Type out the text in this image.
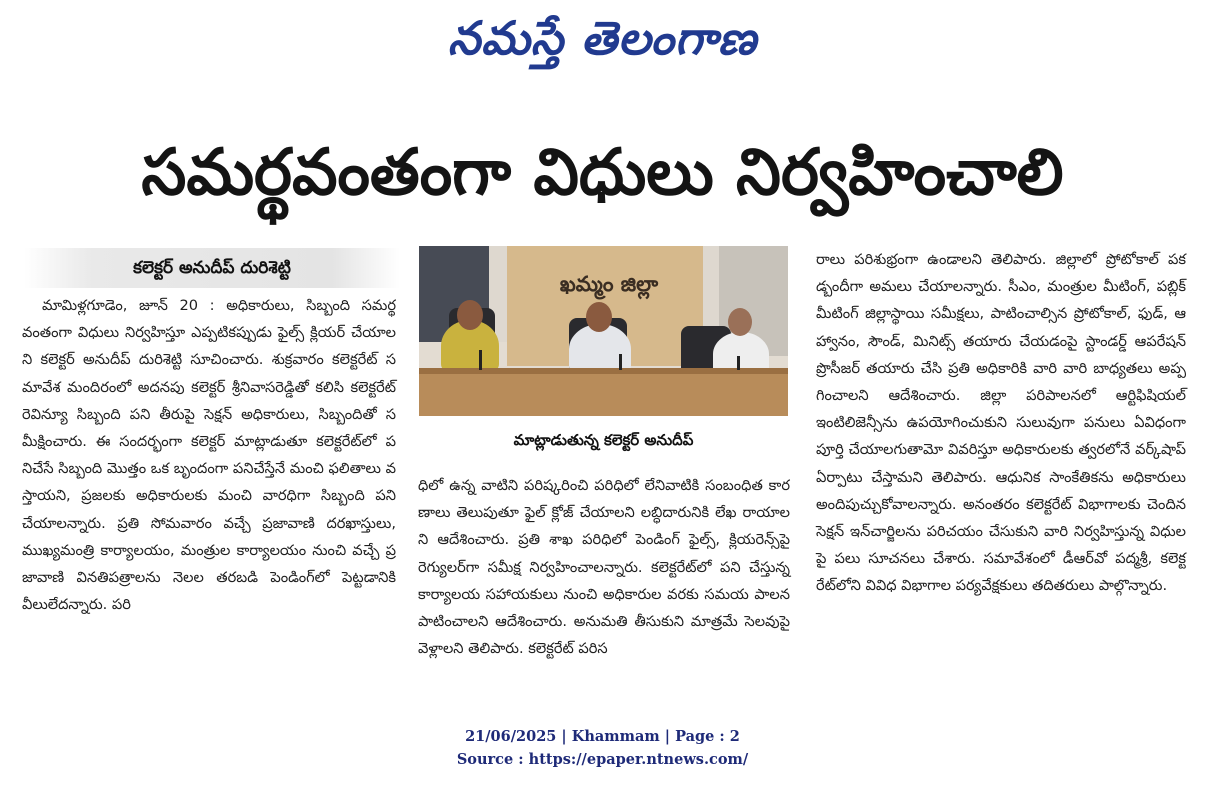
నమస్తే తెలంగాణ
సమర్థవంతంగా విధులు నిర్వహించాలి
కలెక్టర్ అనుదీప్ దురిశెట్టి
మామిళ్లగూడెం, జూన్ 20 : అధికారులు, సిబ్బంది సమర్థవంతంగా విధులు నిర్వహిస్తూ ఎప్పటికప్పుడు ఫైల్స్ క్లియర్ చేయాలని కలెక్టర్ అనుదీప్ దురిశెట్టి సూచించారు. శుక్రవారం కలెక్టరేట్ సమావేశ మందిరంలో అదనపు కలెక్టర్ శ్రీనివాసరెడ్డితో కలిసి కలెక్టరేట్ రెవిన్యూ సిబ్బంది పని తీరుపై సెక్షన్ అధికారులు, సిబ్బందితో సమీక్షించారు. ఈ సందర్భంగా కలెక్టర్ మాట్లాడుతూ కలెక్టరేట్‌లో పనిచేసే సిబ్బంది మొత్తం ఒక బృందంగా పనిచేస్తేనే మంచి ఫలితాలు వస్తాయని, ప్రజలకు అధికారులకు మంచి వారధిగా సిబ్బంది పని చేయాలన్నారు. ప్రతి సోమవారం వచ్చే ప్రజావాణి దరఖాస్తులు, ముఖ్యమంత్రి కార్యాలయం, మంత్రుల కార్యాలయం నుంచి వచ్చే ప్రజావాణి వినతిపత్రాలను నెలల తరబడి పెండింగ్‌లో పెట్టడానికి వీలులేదన్నారు. పరి
ఖమ్మం జిల్లా
మాట్లాడుతున్న కలెక్టర్ అనుదీప్
ధిలో ఉన్న వాటిని పరిష్కరించి పరిధిలో లేనివాటికి సంబంధిత కారణాలు తెలుపుతూ ఫైల్ క్లోజ్ చేయాలని లబ్ధిదారునికి లేఖ రాయాలని ఆదేశించారు. ప్రతి శాఖ పరిధిలో పెండింగ్ ఫైల్స్, క్లియరెన్స్‌పై రెగ్యులర్‌గా సమీక్ష నిర్వహించాలన్నారు. కలెక్టరేట్‌లో పని చేస్తున్న కార్యాలయ సహాయకులు నుంచి అధికారుల వరకు సమయ పాలన పాటించాలని ఆదేశించారు. అనుమతి తీసుకుని మాత్రమే సెలవుపై వెళ్లాలని తెలిపారు. కలెక్టరేట్ పరిస
రాలు పరిశుభ్రంగా ఉండాలని తెలిపారు. జిల్లాలో ప్రోటోకాల్ పకడ్బందీగా అమలు చేయాలన్నారు. సీఎం, మంత్రుల మీటింగ్, పబ్లిక్ మీటింగ్ జిల్లాస్థాయి సమీక్షలు, పాటించాల్సిన ప్రోటోకాల్, ఫుడ్, ఆహ్వానం, సౌండ్, మినిట్స్ తయారు చేయడంపై స్టాండర్డ్ ఆపరేషన్ ప్రొసీజర్ తయారు చేసి ప్రతి అధికారికి వారి వారి బాధ్యతలు అప్పగించాలని ఆదేశించారు. జిల్లా పరిపాలనలో ఆర్టిఫిషియల్ ఇంటిలిజెన్సీను ఉపయోగించుకుని సులువుగా పనులు ఏవిధంగా పూర్తి చేయాలగుతామో వివరిస్తూ అధికారులకు త్వరలోనే వర్క్‌షాప్ ఏర్పాటు చేస్తామని తెలిపారు. ఆధునిక సాంకేతికను అధికారులు అందిపుచ్చుకోవాలన్నారు. అనంతరం కలెక్టరేట్ విభాగాలకు చెందిన సెక్షన్ ఇన్‌చార్జిలను పరిచయం చేసుకుని వారి నిర్వహిస్తున్న విధులపై పలు సూచనలు చేశారు. సమావేశంలో డీఆర్‌వో పద్మశ్రీ, కలెక్టరేట్‌లోని వివిధ విభాగాల పర్యవేక్షకులు తదితరులు పాల్గొన్నారు.
21/06/2025 | Khammam | Page : 2
Source : https://epaper.ntnews.com/
